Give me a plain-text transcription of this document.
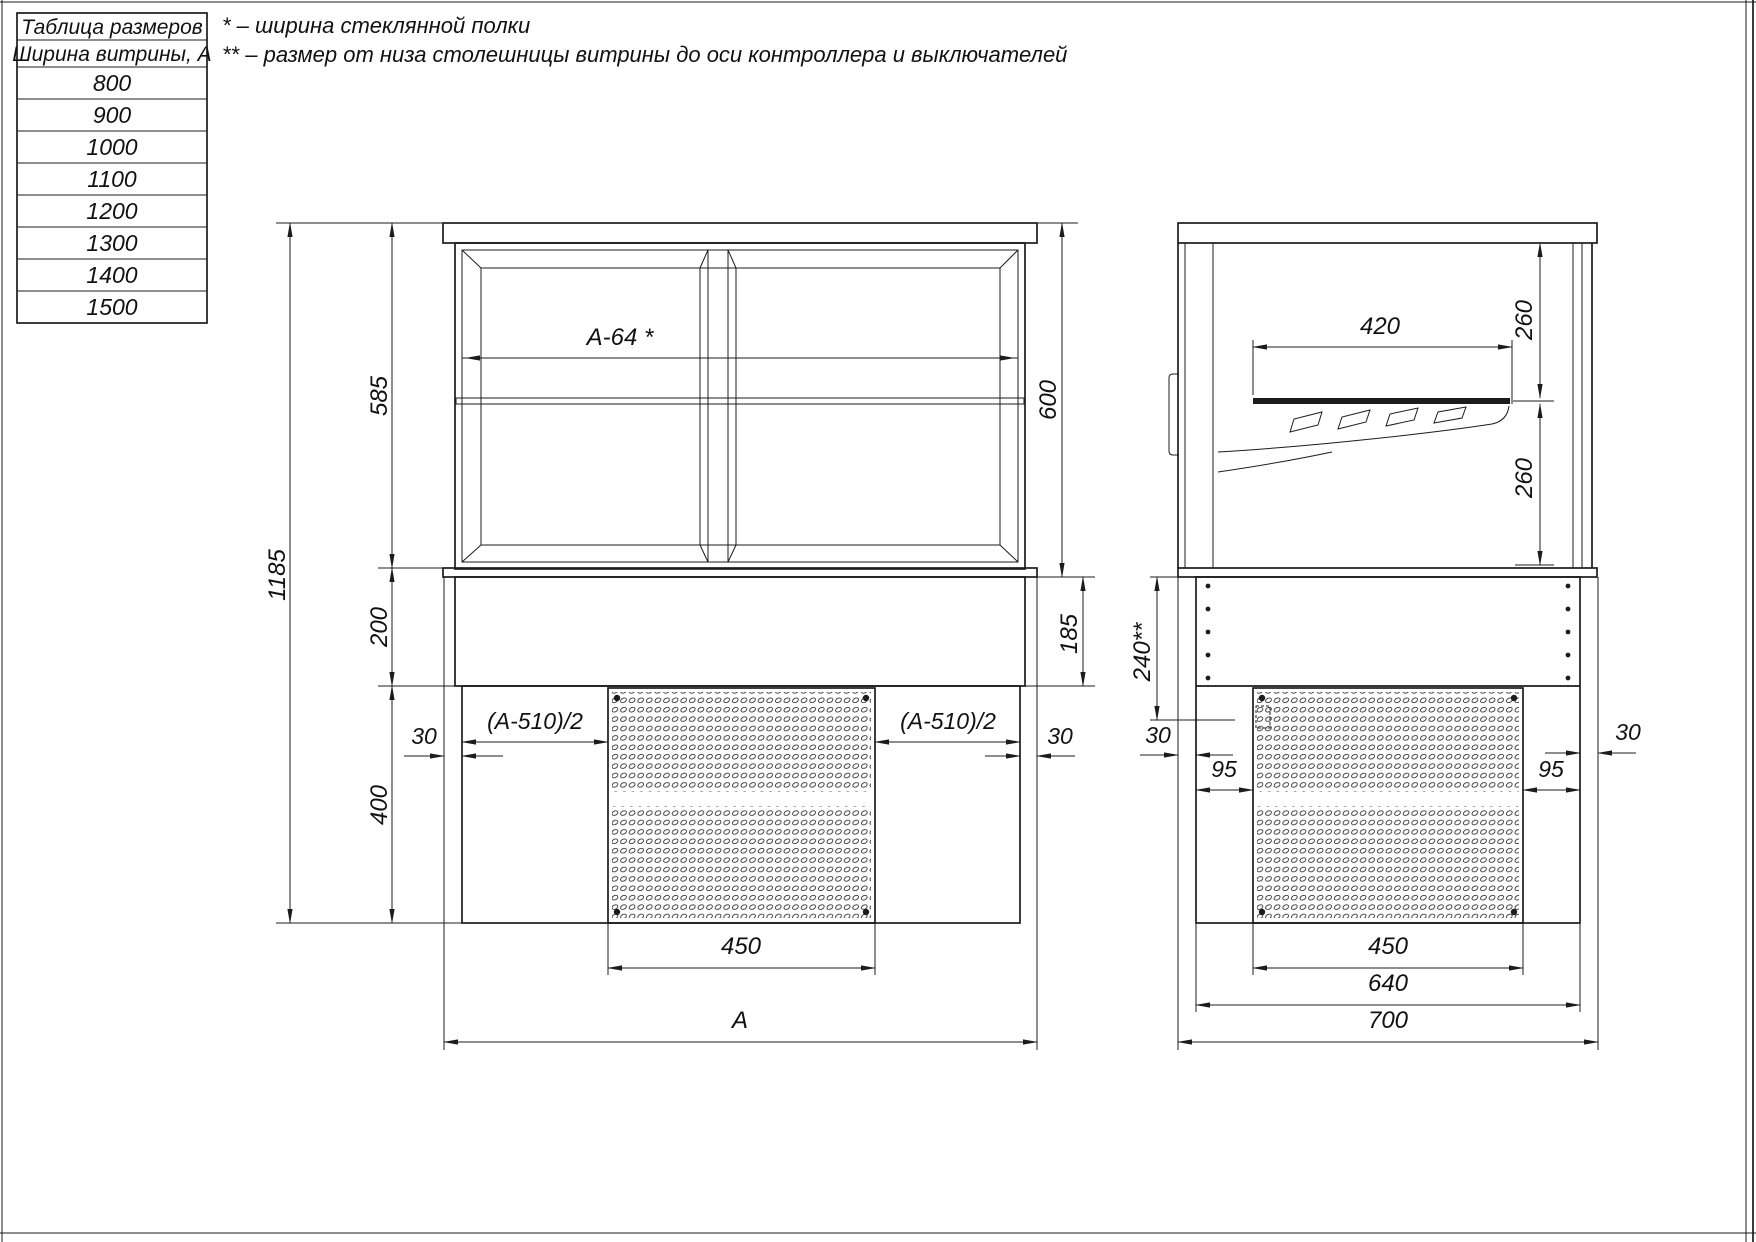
Таблица размеров
Ширина витрины, А
800
900
1000
1100
1200
1300
1400
1500
* – ширина стеклянной полки
** – размер от низа столешницы витрины до оси контроллера и выключателей
А-64 *
1185
585
200
400
30
(А-510)/2	(А-510)/2
30
450
А
600
185
420	260
260
240**
30
95	95
30
450
640
700
